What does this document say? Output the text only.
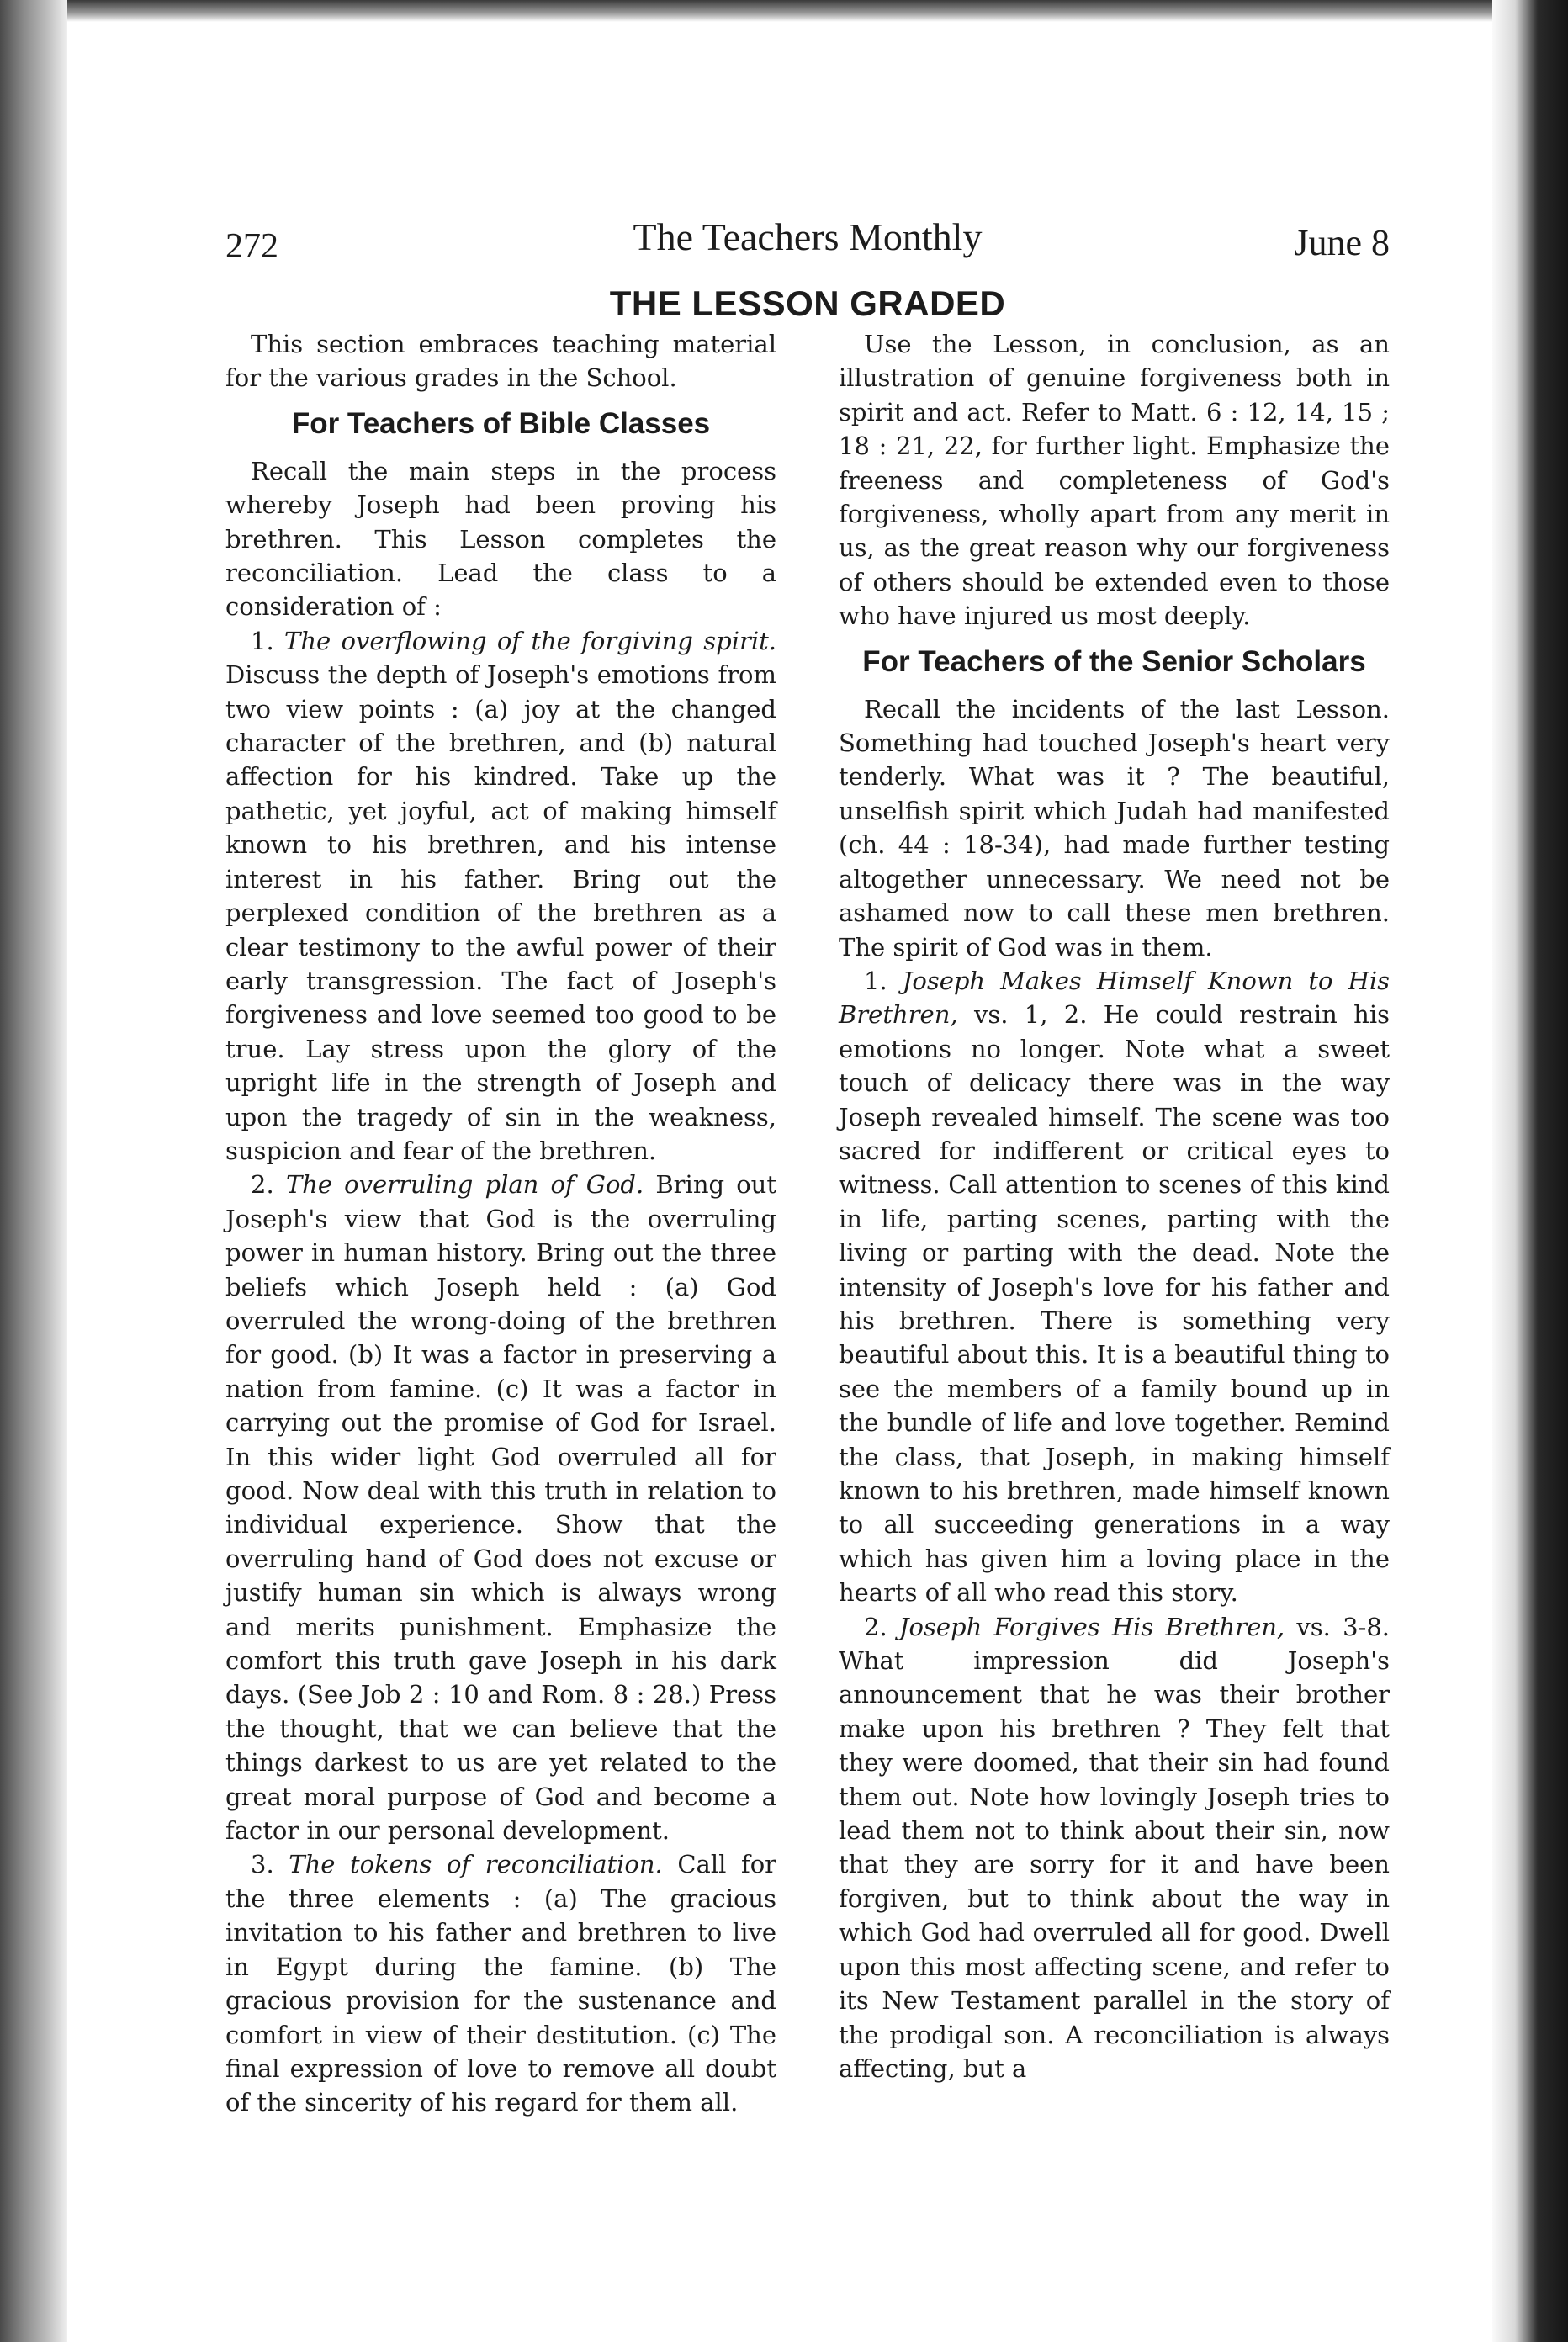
272	The Teachers Monthly	June 8
THE LESSON GRADED

This section embraces teaching material for the various grades in the School.

For Teachers of Bible Classes

Recall the main steps in the process whereby Joseph had been proving his brethren. This Lesson completes the reconciliation. Lead the class to a consideration of :

1. The overflowing of the forgiving spirit. Discuss the depth of Joseph's emotions from two view points : (a) joy at the changed character of the brethren, and (b) natural affection for his kindred. Take up the pathetic, yet joyful, act of making himself known to his brethren, and his intense interest in his father. Bring out the perplexed condition of the brethren as a clear testimony to the awful power of their early transgression. The fact of Joseph's forgiveness and love seemed too good to be true. Lay stress upon the glory of the upright life in the strength of Joseph and upon the tragedy of sin in the weakness, suspicion and fear of the brethren.

2. The overruling plan of God. Bring out Joseph's view that God is the overruling power in human history. Bring out the three beliefs which Joseph held : (a) God overruled the wrong-doing of the brethren for good. (b) It was a factor in preserving a nation from famine. (c) It was a factor in carrying out the promise of God for Israel. In this wider light God overruled all for good. Now deal with this truth in relation to individual experience. Show that the overruling hand of God does not excuse or justify human sin which is always wrong and merits punishment. Emphasize the comfort this truth gave Joseph in his dark days. (See Job 2 : 10 and Rom. 8 : 28.) Press the thought, that we can believe that the things darkest to us are yet related to the great moral purpose of God and become a factor in our personal development.

3. The tokens of reconciliation. Call for the three elements : (a) The gracious invitation to his father and brethren to live in Egypt during the famine. (b) The gracious provision for the sustenance and comfort in view of their destitution. (c) The final expression of love to remove all doubt of the sincerity of his regard for them all.

Use the Lesson, in conclusion, as an illustration of genuine forgiveness both in spirit and act. Refer to Matt. 6 : 12, 14, 15 ; 18 : 21, 22, for further light. Emphasize the freeness and completeness of God's forgiveness, wholly apart from any merit in us, as the great reason why our forgiveness of others should be extended even to those who have injured us most deeply.

For Teachers of the Senior Scholars

Recall the incidents of the last Lesson. Something had touched Joseph's heart very tenderly. What was it ? The beautiful, unselfish spirit which Judah had manifested (ch. 44 : 18-34), had made further testing altogether unnecessary. We need not be ashamed now to call these men brethren. The spirit of God was in them.

1. Joseph Makes Himself Known to His Brethren, vs. 1, 2. He could restrain his emotions no longer. Note what a sweet touch of delicacy there was in the way Joseph revealed himself. The scene was too sacred for indifferent or critical eyes to witness. Call attention to scenes of this kind in life, parting scenes, parting with the living or parting with the dead. Note the intensity of Joseph's love for his father and his brethren. There is something very beautiful about this. It is a beautiful thing to see the members of a family bound up in the bundle of life and love together. Remind the class, that Joseph, in making himself known to his brethren, made himself known to all succeeding generations in a way which has given him a loving place in the hearts of all who read this story.

2. Joseph Forgives His Brethren, vs. 3-8. What impression did Joseph's announcement that he was their brother make upon his brethren ? They felt that they were doomed, that their sin had found them out. Note how lovingly Joseph tries to lead them not to think about their sin, now that they are sorry for it and have been forgiven, but to think about the way in which God had overruled all for good. Dwell upon this most affecting scene, and refer to its New Testament parallel in the story of the prodigal son. A reconciliation is always affecting, but a
